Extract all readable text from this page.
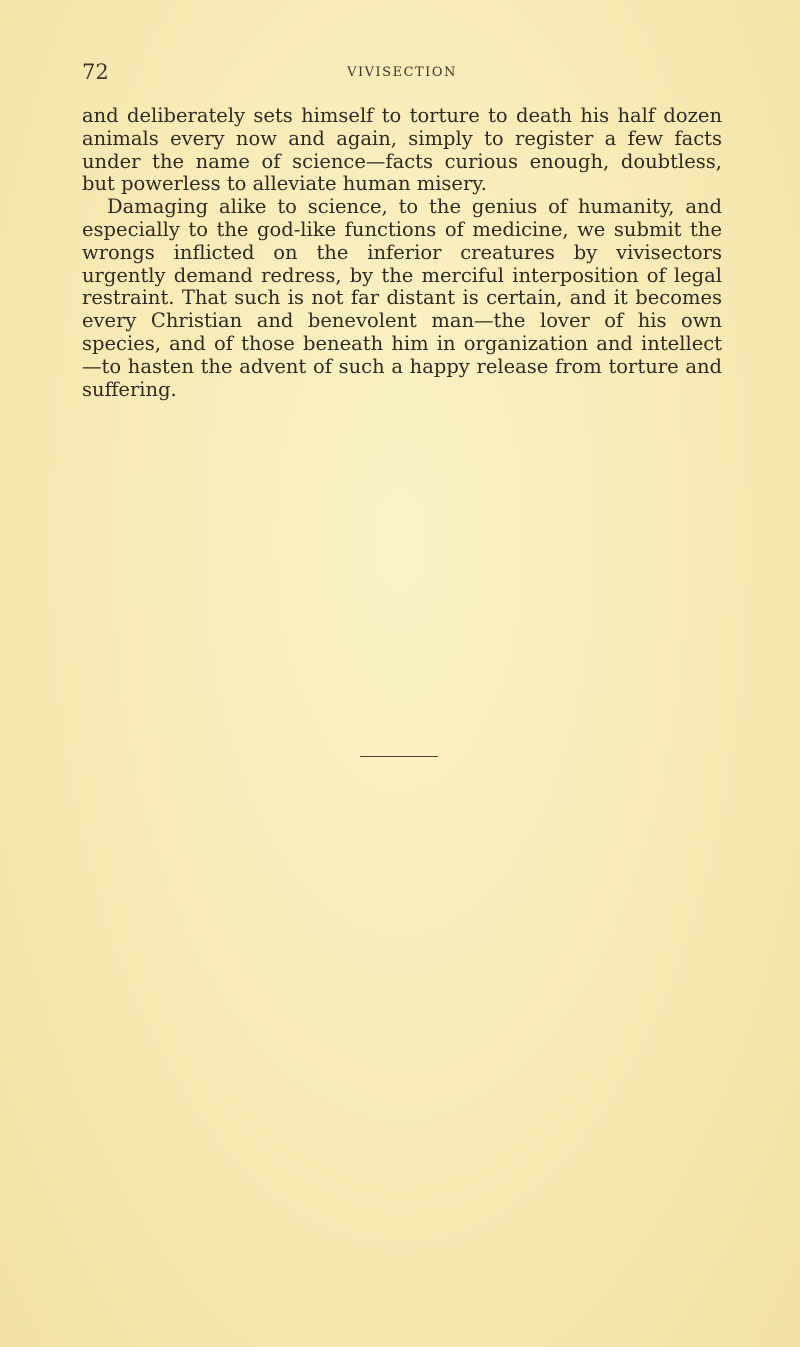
72	VIVISECTION

and deliberately sets himself to torture to death his half dozen animals every now and again, simply to register a few facts under the name of science—facts curious enough, doubtless, but powerless to alleviate human misery.

Damaging alike to science, to the genius of humanity, and especially to the god-like functions of medicine, we submit the wrongs inflicted on the inferior creatures by vivisectors urgently demand redress, by the merciful interposition of legal restraint. That such is not far distant is certain, and it becomes every Christian and benevolent man—the lover of his own species, and of those beneath him in organization and intellect—to hasten the advent of such a happy release from torture and suffering.
